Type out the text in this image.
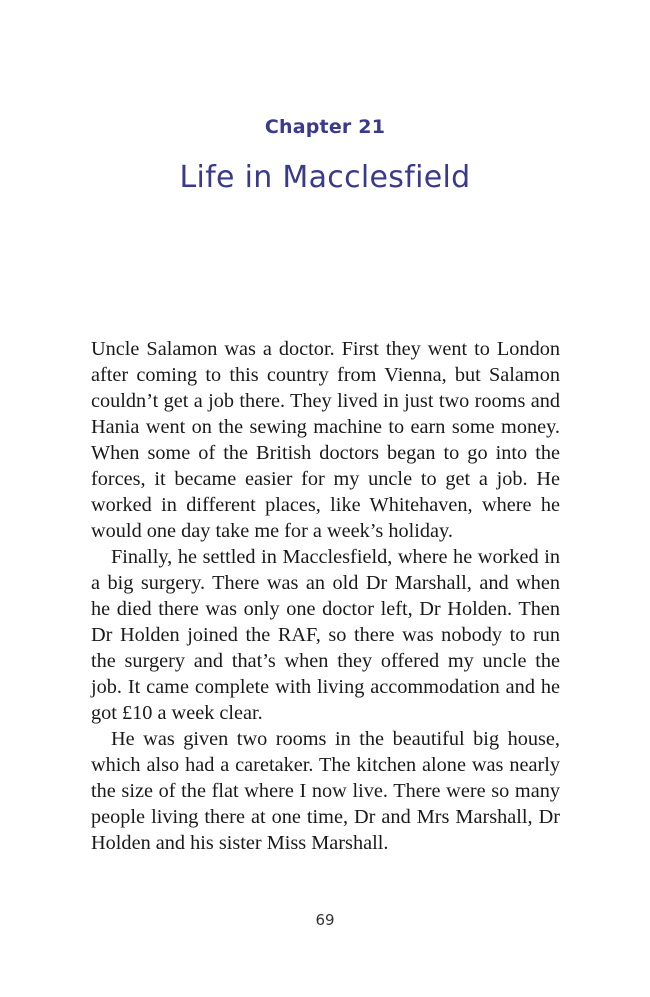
Chapter 21
Life in Macclesfield

Uncle Salamon was a doctor. First they went to London after coming to this country from Vienna, but Salamon couldn’t get a job there. They lived in just two rooms and Hania went on the sewing machine to earn some money. When some of the British doctors began to go into the forces, it became easier for my uncle to get a job. He worked in different places, like Whitehaven, where he would one day take me for a week’s holiday.

Finally, he settled in Macclesfield, where he worked in a big surgery. There was an old Dr Marshall, and when he died there was only one doctor left, Dr Holden. Then Dr Holden joined the RAF, so there was nobody to run the surgery and that’s when they offered my uncle the job. It came complete with living accommodation and he got £10 a week clear.

He was given two rooms in the beautiful big house, which also had a caretaker. The kitchen alone was nearly the size of the flat where I now live. There were so many people living there at one time, Dr and Mrs Marshall, Dr Holden and his sister Miss Marshall.

69
